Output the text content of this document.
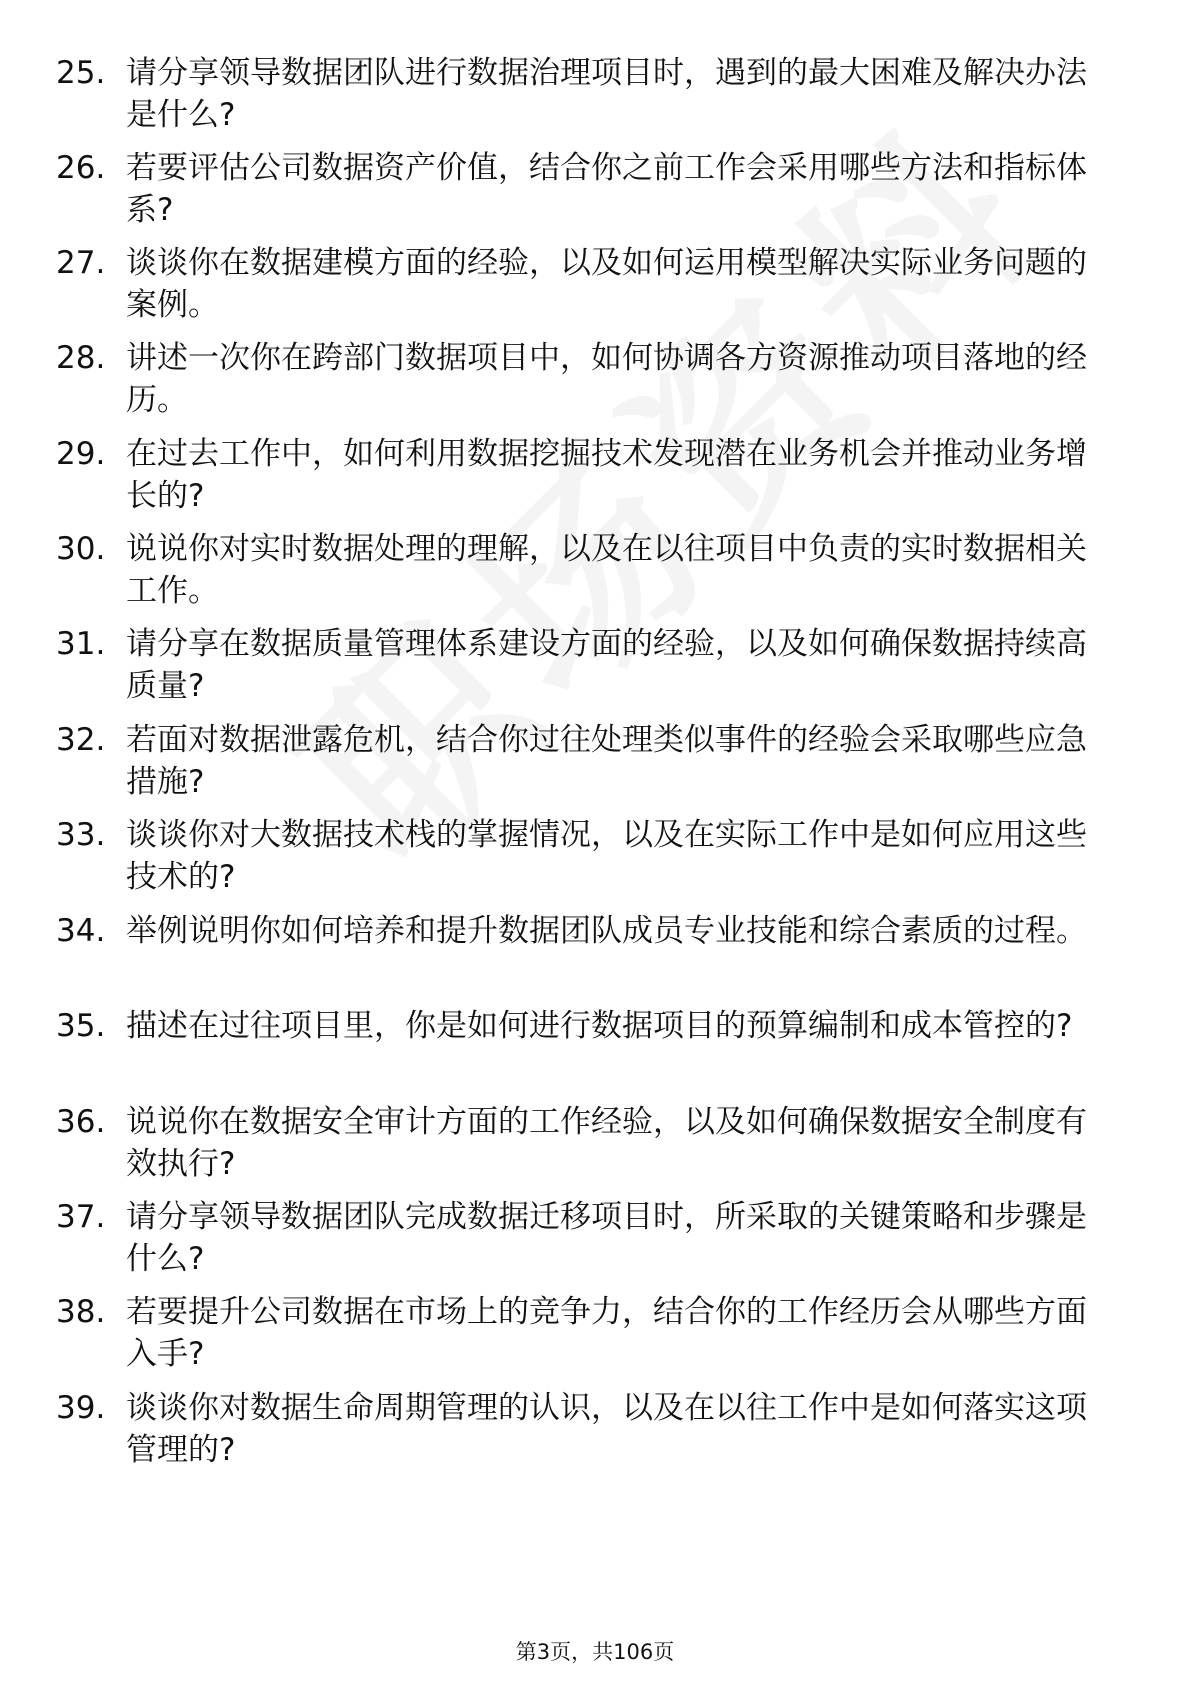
25. 请分享领导数据团队进行数据治理项目时，遇到的最大困难及解决办法是什么?
26. 若要评估公司数据资产价值，结合你之前工作会采用哪些方法和指标体系?
27. 谈谈你在数据建模方面的经验，以及如何运用模型解决实际业务问题的案例。
28. 讲述一次你在跨部门数据项目中，如何协调各方资源推动项目落地的经历。
29. 在过去工作中，如何利用数据挖掘技术发现潜在业务机会并推动业务增长的?
30. 说说你对实时数据处理的理解，以及在以往项目中负责的实时数据相关工作。
31. 请分享在数据质量管理体系建设方面的经验，以及如何确保数据持续高质量?
32. 若面对数据泄露危机，结合你过往处理类似事件的经验会采取哪些应急措施?
33. 谈谈你对大数据技术栈的掌握情况，以及在实际工作中是如何应用这些技术的?
34. 举例说明你如何培养和提升数据团队成员专业技能和综合素质的过程。
35. 描述在过往项目里，你是如何进行数据项目的预算编制和成本管控的?
36. 说说你在数据安全审计方面的工作经验，以及如何确保数据安全制度有效执行?
37. 请分享领导数据团队完成数据迁移项目时，所采取的关键策略和步骤是什么?
38. 若要提升公司数据在市场上的竞争力，结合你的工作经历会从哪些方面入手?
39. 谈谈你对数据生命周期管理的认识，以及在以往工作中是如何落实这项管理的?
第3页，共106页
